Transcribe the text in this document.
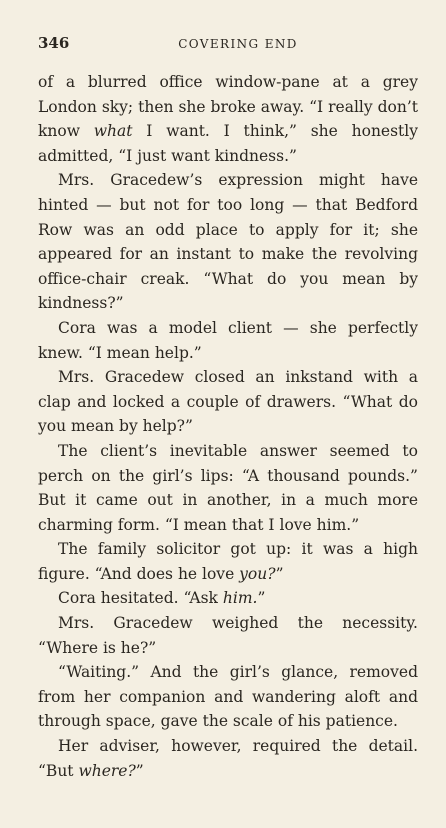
346	COVERING END

of a blurred office window-pane at a grey London sky; then she broke away. “I really don’t know what I want. I think,” she honestly admitted, “I just want kindness.”

Mrs. Gracedew’s expression might have hinted — but not for too long — that Bedford Row was an odd place to apply for it; she appeared for an instant to make the revolving office-chair creak. “What do you mean by kindness?”

Cora was a model client — she perfectly knew. “I mean help.”

Mrs. Gracedew closed an inkstand with a clap and locked a couple of drawers. “What do you mean by help?”

The client’s inevitable answer seemed to perch on the girl’s lips: “A thousand pounds.” But it came out in another, in a much more charming form. “I mean that I love him.”

The family solicitor got up: it was a high figure. “And does he love you?”

Cora hesitated. “Ask him.”

Mrs. Gracedew weighed the necessity. “Where is he?”

“Waiting.” And the girl’s glance, removed from her companion and wandering aloft and through space, gave the scale of his patience.

Her adviser, however, required the detail. “But where?”
